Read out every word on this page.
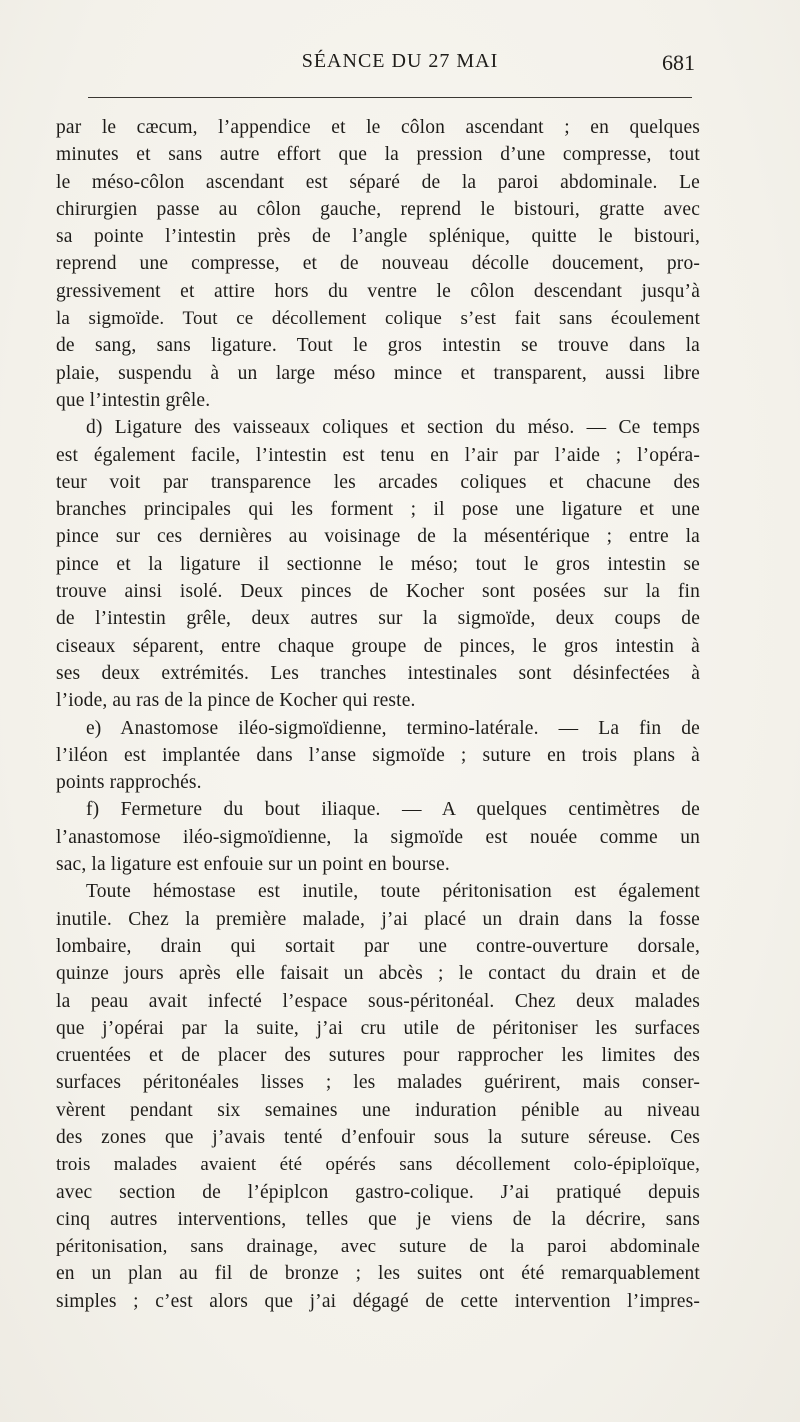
SÉANCE DU 27 MAI	681
par le cæcum, l’appendice et le côlon ascendant ; en quelques
minutes et sans autre effort que la pression d’une compresse, tout
le méso-côlon ascendant est séparé de la paroi abdominale. Le
chirurgien passe au côlon gauche, reprend le bistouri, gratte avec
sa pointe l’intestin près de l’angle splénique, quitte le bistouri,
reprend une compresse, et de nouveau décolle doucement, pro-
gressivement et attire hors du ventre le côlon descendant jusqu’à
la sigmoïde. Tout ce décollement colique s’est fait sans écoulement
de sang, sans ligature. Tout le gros intestin se trouve dans la
plaie, suspendu à un large méso mince et transparent, aussi libre
que l’intestin grêle.
d) Ligature des vaisseaux coliques et section du méso. — Ce temps
est également facile, l’intestin est tenu en l’air par l’aide ; l’opéra-
teur voit par transparence les arcades coliques et chacune des
branches principales qui les forment ; il pose une ligature et une
pince sur ces dernières au voisinage de la mésentérique ; entre la
pince et la ligature il sectionne le méso; tout le gros intestin se
trouve ainsi isolé. Deux pinces de Kocher sont posées sur la fin
de l’intestin grêle, deux autres sur la sigmoïde, deux coups de
ciseaux séparent, entre chaque groupe de pinces, le gros intestin à
ses deux extrémités. Les tranches intestinales sont désinfectées à
l’iode, au ras de la pince de Kocher qui reste.
e) Anastomose iléo-sigmoïdienne, termino-latérale. — La fin de
l’iléon est implantée dans l’anse sigmoïde ; suture en trois plans à
points rapprochés.
f) Fermeture du bout iliaque. — A quelques centimètres de
l’anastomose iléo-sigmoïdienne, la sigmoïde est nouée comme un
sac, la ligature est enfouie sur un point en bourse.
Toute hémostase est inutile, toute péritonisation est également
inutile. Chez la première malade, j’ai placé un drain dans la fosse
lombaire, drain qui sortait par une contre-ouverture dorsale,
quinze jours après elle faisait un abcès ; le contact du drain et de
la peau avait infecté l’espace sous-péritonéal. Chez deux malades
que j’opérai par la suite, j’ai cru utile de péritoniser les surfaces
cruentées et de placer des sutures pour rapprocher les limites des
surfaces péritonéales lisses ; les malades guérirent, mais conser-
vèrent pendant six semaines une induration pénible au niveau
des zones que j’avais tenté d’enfouir sous la suture séreuse. Ces
trois malades avaient été opérés sans décollement colo-épiploïque,
avec section de l’épiplcon gastro-colique. J’ai pratiqué depuis
cinq autres interventions, telles que je viens de la décrire, sans
péritonisation, sans drainage, avec suture de la paroi abdominale
en un plan au fil de bronze ; les suites ont été remarquablement
simples ; c’est alors que j’ai dégagé de cette intervention l’impres-
